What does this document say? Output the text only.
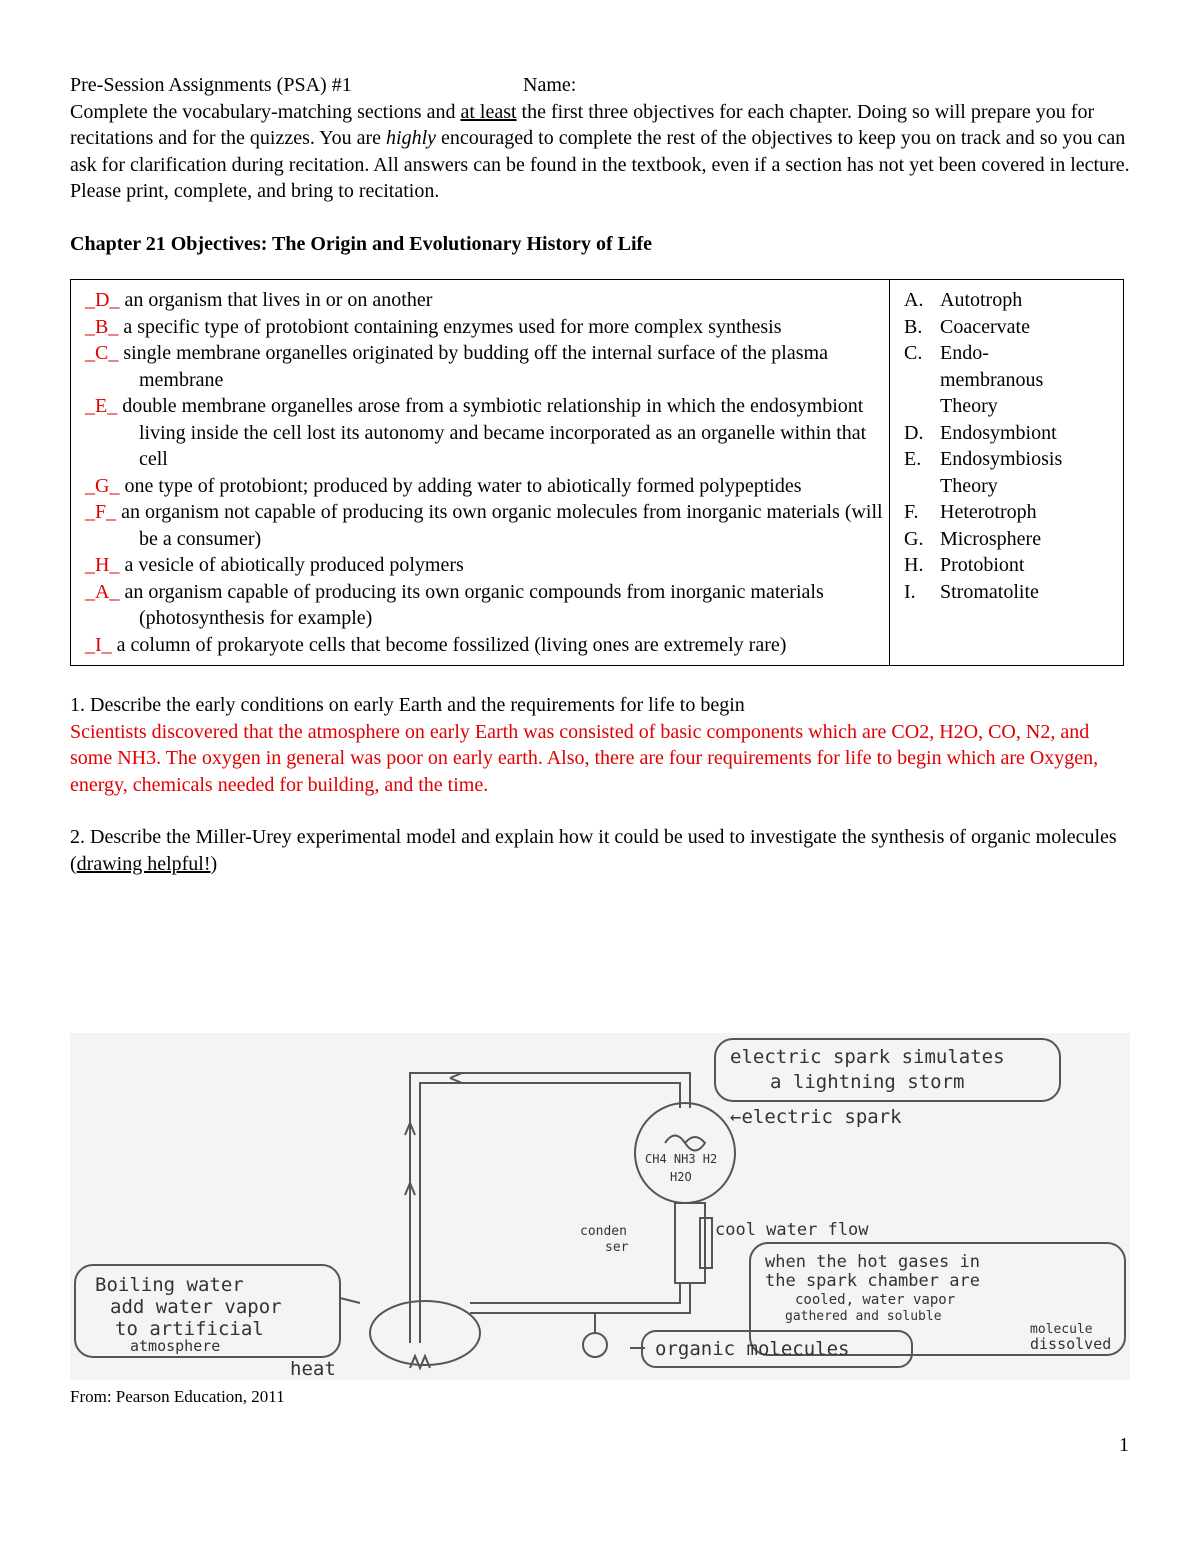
Pre-Session Assignments (PSA) #1	Name:

Complete the vocabulary-matching sections and at least the first three objectives for each chapter. Doing so will prepare you for recitations and for the quizzes. You are highly encouraged to complete the rest of the objectives to keep you on track and so you can ask for clarification during recitation. All answers can be found in the textbook, even if a section has not yet been covered in lecture. Please print, complete, and bring to recitation.

Chapter 21 Objectives: The Origin and Evolutionary History of Life

_D_ an organism that lives in or on another
_B_ a specific type of protobiont containing enzymes used for more complex synthesis
_C_ single membrane organelles originated by budding off the internal surface of the plasma membrane
_E_ double membrane organelles arose from a symbiotic relationship in which the endosymbiont living inside the cell lost its autonomy and became incorporated as an organelle within that cell
_G_ one type of protobiont; produced by adding water to abiotically formed polypeptides
_F_ an organism not capable of producing its own organic molecules from inorganic materials (will be a consumer)
_H_ a vesicle of abiotically produced polymers
_A_ an organism capable of producing its own organic compounds from inorganic materials (photosynthesis for example)
_I_ a column of prokaryote cells that become fossilized (living ones are extremely rare)

A. Autotroph
B. Coacervate
C. Endo-membranous Theory
D. Endosymbiont
E. Endosymbiosis Theory
F.	Heterotroph
G. Microsphere
H. Protobiont
I.	Stromatolite

1. Describe the early conditions on early Earth and the requirements for life to begin

Scientists discovered that the atmosphere on early Earth was consisted of basic components which are CO2, H2O, CO, N2, and some NH3. The oxygen in general was poor on early earth. Also, there are four requirements for life to begin which are Oxygen, energy, chemicals needed for building, and the time.

2. Describe the Miller-Urey experimental model and explain how it could be used to investigate the synthesis of organic molecules (drawing helpful!)

electric spark simulates
a lightning storm
←electric spark
CH4 NH3 H2
H2O
conden
ser
cool water flow
when the hot gases in
the spark chamber are
cooled, water vapor
gathered and soluble
molecule
dissolved
Boiling water
add water vapor
to artificial
atmosphere
heat
organic molecules

From: Pearson Education, 2011

1
